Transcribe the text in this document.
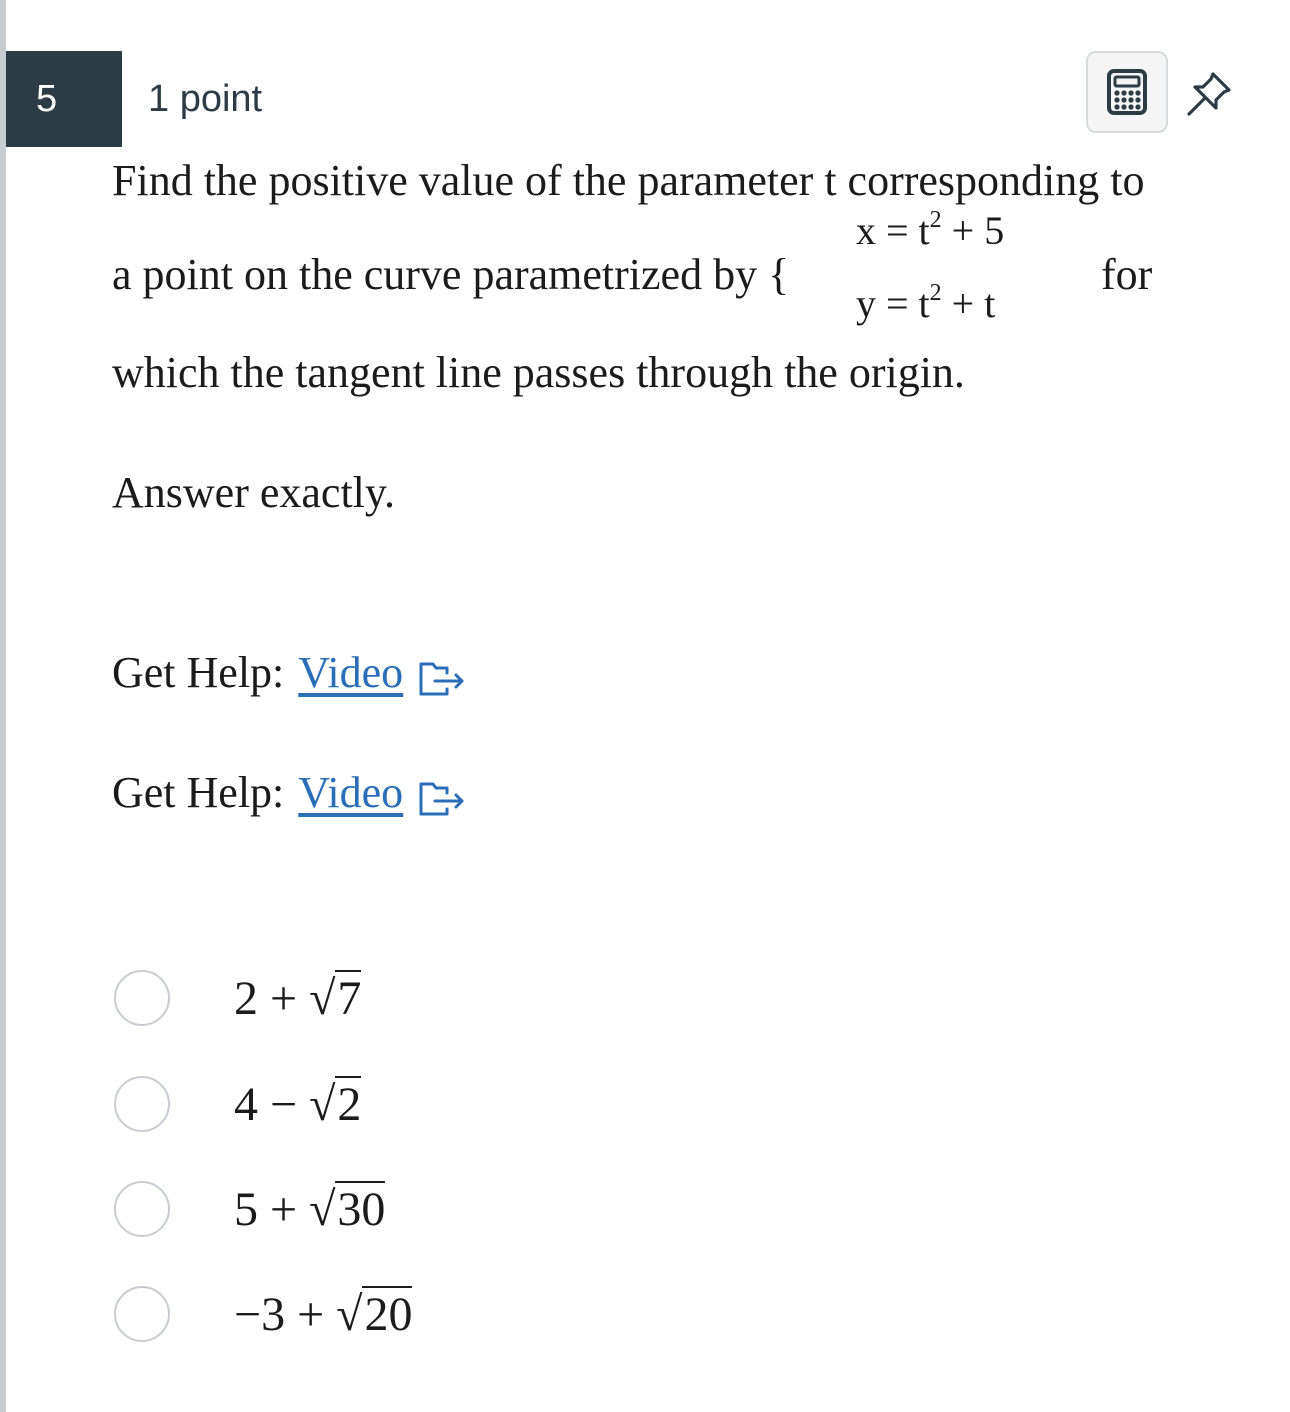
5 1 point
Find the positive value of the parameter t corresponding to
a point on the curve parametrized by {
$x = t^2 + 5$
$y = t^2 + t$
for
which the tangent line passes through the origin.
Answer exactly.
Get Help: Video
Get Help: Video
2 + √7
4 − √2
5 + √30
−3 + √20
